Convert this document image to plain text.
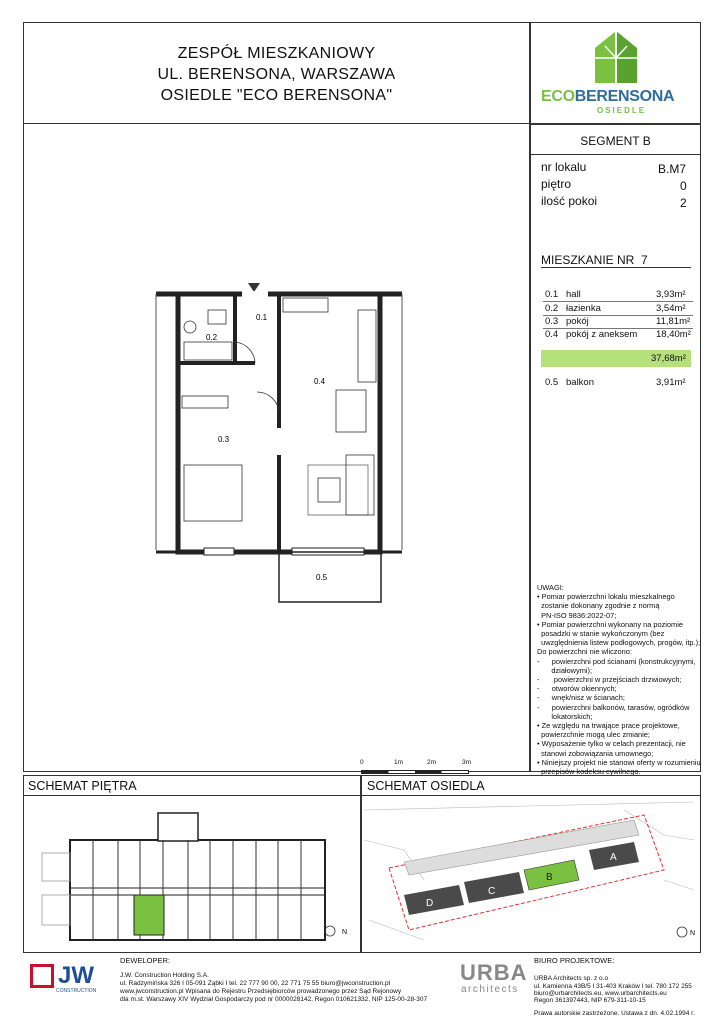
ZESPÓŁ MIESZKANIOWY
UL. BERENSONA, WARSZAWA
OSIEDLE "ECO BERENSONA"	ECOBERENSONA
OSIEDLE
SEGMENT B
nr lokalu	B.M7
piętro	0
ilość pokoi	2
MIESZKANIE NR  7
0.1 hall	3,93m²
0.2 łazienka	3,54m²
0.3 pokój	11,81m²
0.4 pokój z aneksem 18,40m²
37,68m²
0.5 balkon	3,91m²
UWAGI:
• Pomiar powierzchni lokalu mieszkalnego
zostanie dokonany zgodnie z normą
PN-ISO 9836:2022-07;
• Pomiar powierzchni wykonany na poziomie
posadzki w stanie wykończonym (bez
uwzględnienia listew podłogowych, progów, itp.);
Do powierzchni nie wliczono:
-      powierzchni pod ścianami (konstrukcyjnymi,
działowymi);
-       powierzchni w przejściach drzwiowych;
-      otworów okiennych;
-      wnęk/nisz w ścianach;
-      powierzchni balkonów, tarasów, ogródków
lokatorskich;
• Ze względu na trwające prace projektowe,
powierzchnie mogą ulec zmianie;
• Wyposażenie tylko w celach prezentacji, nie
stanowi zobowiązania umownego;
• Niniejszy projekt nie stanowi oferty w rozumieniu
przepisów kodeksu cywilnego.
0.1
0.2
0.3
0.4
0.5
0	1m	2m	3m
SCHEMAT PIĘTRA	SCHEMAT OSIEDLA
N
D
C
B
A
N
JW
CONSTRUCTION
DEWELOPER:
J.W. Construction Holding S.A.
ul. Radzymińska 326 I 05-091 Ząbki I tel. 22 777 90 00, 22 771 75 55 biuro@jwconstruction.pl
www.jwconstruction.pl Wpisana do Rejestru Przedsiębiorców prowadzonego przez Sąd Rejonowy
dla m.st. Warszawy XIV Wydział Gospodarczy pod nr 0000028142, Regon 010621332, NIP 125-00-28-307
URBA
architects
BIURO PROJEKTOWE:
URBA Architects sp. z o.o
ul. Kamienna 43B/5 I 31-403 Kraków I tel. 780 172 255
biuro@urbarchitects.eu, www.urbarchitects.eu
Regon 361397443, NIP 679-311-10-15
Prawa autorskie zastrzeżone. Ustawa z dn. 4.02.1994 r.
